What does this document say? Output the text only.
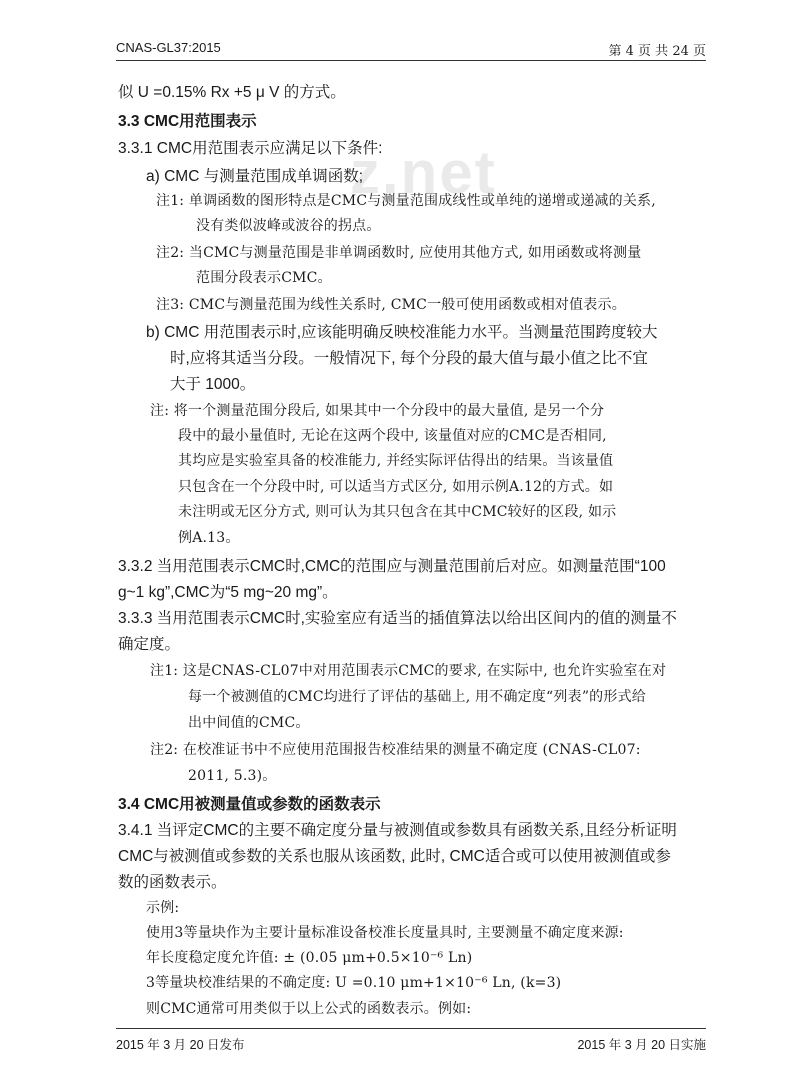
CNAS-GL37:2015	第 4 页 共 24 页
z.net
似 U =0.15% Rx +5 μ V 的方式。
3.3 CMC用范围表示
3.3.1 CMC用范围表示应满足以下条件:
a) CMC 与测量范围成单调函数;
注1: 单调函数的图形特点是CMC与测量范围成线性或单纯的递增或递减的关系,
没有类似波峰或波谷的拐点。
注2: 当CMC与测量范围是非单调函数时, 应使用其他方式, 如用函数或将测量
范围分段表示CMC。
注3: CMC与测量范围为线性关系时, CMC一般可使用函数或相对值表示。
b) CMC 用范围表示时,应该能明确反映校准能力水平。当测量范围跨度较大
时,应将其适当分段。一般情况下, 每个分段的最大值与最小值之比不宜
大于 1000。
注: 将一个测量范围分段后, 如果其中一个分段中的最大量值, 是另一个分
段中的最小量值时, 无论在这两个段中, 该量值对应的CMC是否相同,
其均应是实验室具备的校准能力, 并经实际评估得出的结果。当该量值
只包含在一个分段中时, 可以适当方式区分, 如用示例A.12的方式。如
未注明或无区分方式, 则可认为其只包含在其中CMC较好的区段, 如示
例A.13。
3.3.2 当用范围表示CMC时,CMC的范围应与测量范围前后对应。如测量范围“100
g~1 kg”,CMC为“5 mg~20 mg”。
3.3.3 当用范围表示CMC时,实验室应有适当的插值算法以给出区间内的值的测量不
确定度。
注1: 这是CNAS-CL07中对用范围表示CMC的要求, 在实际中, 也允许实验室在对
每一个被测值的CMC均进行了评估的基础上, 用不确定度“列表”的形式给
出中间值的CMC。
注2: 在校准证书中不应使用范围报告校准结果的测量不确定度 (CNAS-CL07:
2011, 5.3)。
3.4 CMC用被测量值或参数的函数表示
3.4.1 当评定CMC的主要不确定度分量与被测值或参数具有函数关系,且经分析证明
CMC与被测值或参数的关系也服从该函数, 此时, CMC适合或可以使用被测值或参
数的函数表示。
示例:
使用3等量块作为主要计量标准设备校准长度量具时, 主要测量不确定度来源:
年长度稳定度允许值: ± (0.05 μm+0.5×10⁻⁶ Ln)
3等量块校准结果的不确定度: U =0.10 μm+1×10⁻⁶ Ln, (k=3)
则CMC通常可用类似于以上公式的函数表示。例如:
2015 年 3 月 20 日发布	2015 年 3 月 20 日实施
